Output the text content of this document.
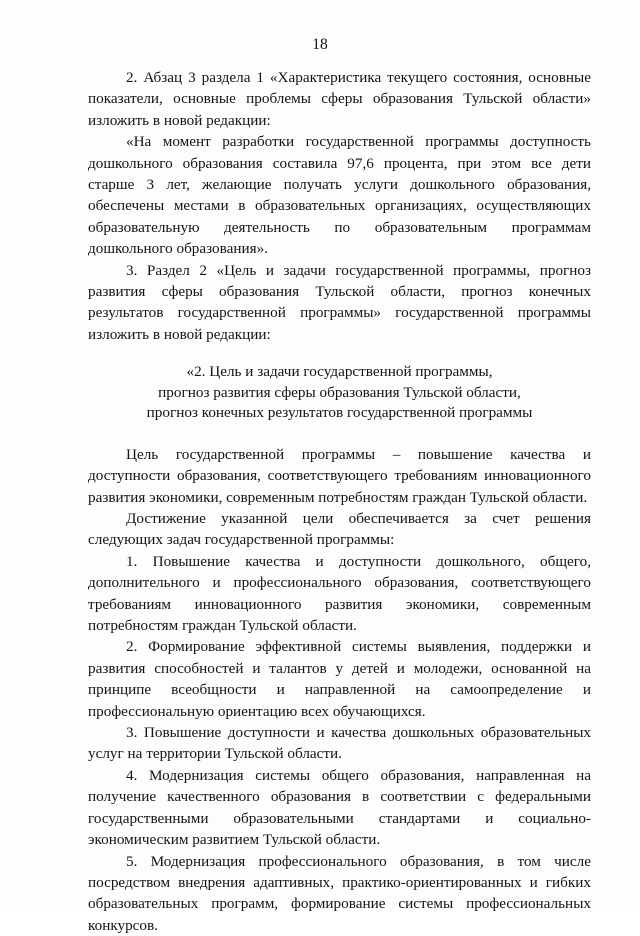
18

2. Абзац 3 раздела 1 «Характеристика текущего состояния, основные показатели, основные проблемы сферы образования Тульской области» изложить в новой редакции:

«На момент разработки государственной программы доступность дошкольного образования составила 97,6 процента, при этом все дети старше 3 лет, желающие получать услуги дошкольного образования, обеспечены местами в образовательных организациях, осуществляющих образовательную деятельность по образовательным программам дошкольного образования».

3. Раздел 2 «Цель и задачи государственной программы, прогноз развития сферы образования Тульской области, прогноз конечных результатов государственной программы» государственной программы изложить в новой редакции:

«2. Цель и задачи государственной программы,
прогноз развития сферы образования Тульской области,
прогноз конечных результатов государственной программы

Цель государственной программы – повышение качества и доступности образования, соответствующего требованиям инновационного развития экономики, современным потребностям граждан Тульской области.

Достижение указанной цели обеспечивается за счет решения следующих задач государственной программы:

1. Повышение качества и доступности дошкольного, общего, дополнительного и профессионального образования, соответствующего требованиям инновационного развития экономики, современным потребностям граждан Тульской области.

2. Формирование эффективной системы выявления, поддержки и развития способностей и талантов у детей и молодежи, основанной на принципе всеобщности и направленной на самоопределение и профессиональную ориентацию всех обучающихся.

3. Повышение доступности и качества дошкольных образовательных услуг на территории Тульской области.

4. Модернизация системы общего образования, направленная на получение качественного образования в соответствии с федеральными государственными образовательными стандартами и социально-экономическим развитием Тульской области.

5. Модернизация профессионального образования, в том числе посредством внедрения адаптивных, практико-ориентированных и гибких образовательных программ, формирование системы профессиональных конкурсов.
